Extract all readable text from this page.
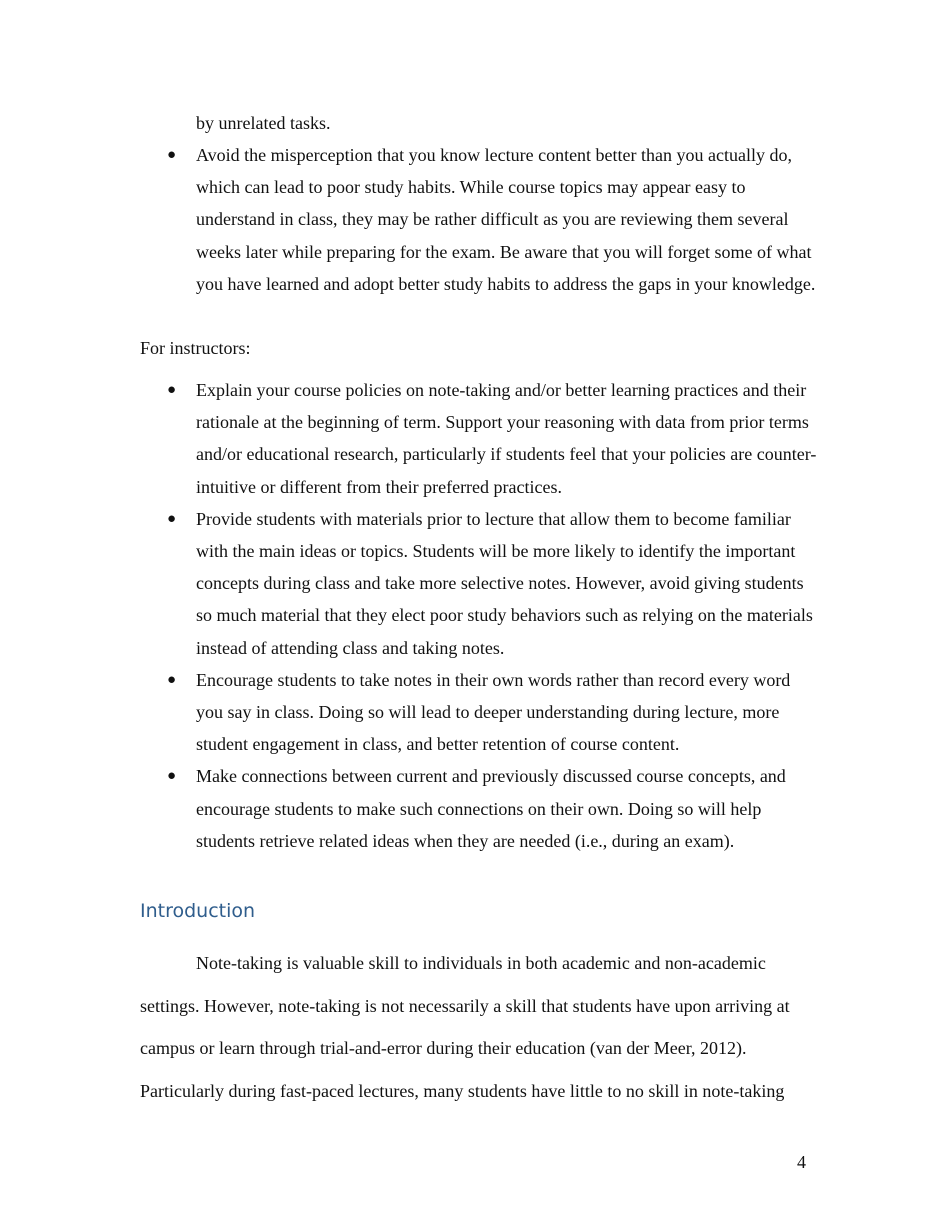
by unrelated tasks.
● Avoid the misperception that you know lecture content better than you actually do, which can lead to poor study habits. While course topics may appear easy to understand in class, they may be rather difficult as you are reviewing them several weeks later while preparing for the exam. Be aware that you will forget some of what you have learned and adopt better study habits to address the gaps in your knowledge.
For instructors:
● Explain your course policies on note-taking and/or better learning practices and their rationale at the beginning of term. Support your reasoning with data from prior terms and/or educational research, particularly if students feel that your policies are counter-intuitive or different from their preferred practices.
● Provide students with materials prior to lecture that allow them to become familiar with the main ideas or topics. Students will be more likely to identify the important concepts during class and take more selective notes. However, avoid giving students so much material that they elect poor study behaviors such as relying on the materials instead of attending class and taking notes.
● Encourage students to take notes in their own words rather than record every word you say in class. Doing so will lead to deeper understanding during lecture, more student engagement in class, and better retention of course content.
● Make connections between current and previously discussed course concepts, and encourage students to make such connections on their own. Doing so will help students retrieve related ideas when they are needed (i.e., during an exam).
Introduction

Note-taking is valuable skill to individuals in both academic and non-academic settings. However, note-taking is not necessarily a skill that students have upon arriving at campus or learn through trial-and-error during their education (van der Meer, 2012). Particularly during fast-paced lectures, many students have little to no skill in note-taking

4
